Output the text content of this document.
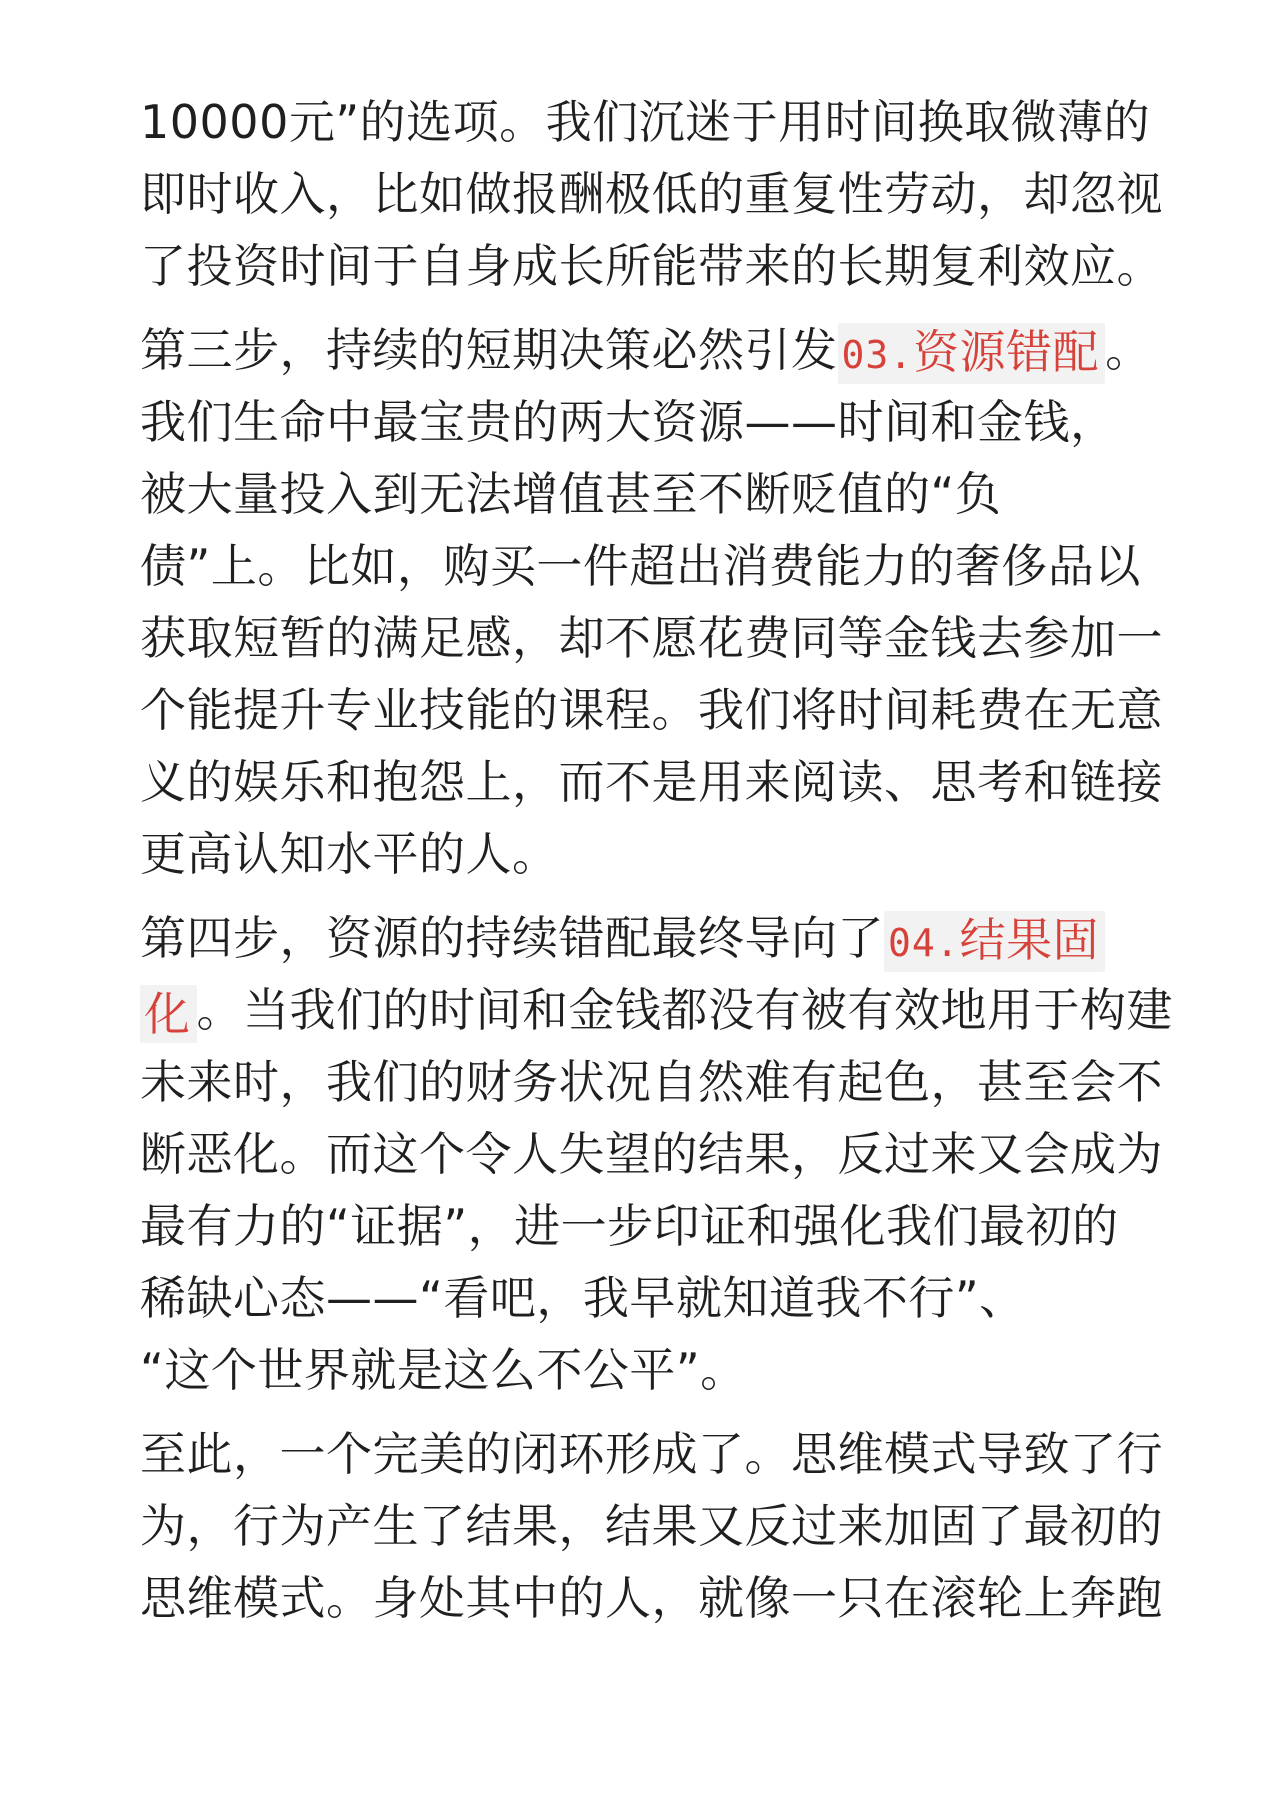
10000元”的选项。我们沉迷于用时间换取微薄的
即时收入，比如做报酬极低的重复性劳动，却忽视
了投资时间于自身成长所能带来的长期复利效应。

第三步，持续的短期决策必然引发 03.资源错配 。
我们生命中最宝贵的两大资源——时间和金钱，
被大量投入到无法增值甚至不断贬值的“负
债”上。比如，购买一件超出消费能力的奢侈品以
获取短暂的满足感，却不愿花费同等金钱去参加一
个能提升专业技能的课程。我们将时间耗费在无意
义的娱乐和抱怨上，而不是用来阅读、思考和链接
更高认知水平的人。

第四步，资源的持续错配最终导向了 04.结果固
化 。当我们的时间和金钱都没有被有效地用于构建
未来时，我们的财务状况自然难有起色，甚至会不
断恶化。而这个令人失望的结果，反过来又会成为
最有力的“证据”，进一步印证和强化我们最初的
稀缺心态——“看吧，我早就知道我不行”、
“这个世界就是这么不公平”。

至此，一个完美的闭环形成了。思维模式导致了行
为，行为产生了结果，结果又反过来加固了最初的
思维模式。身处其中的人，就像一只在滚轮上奔跑
